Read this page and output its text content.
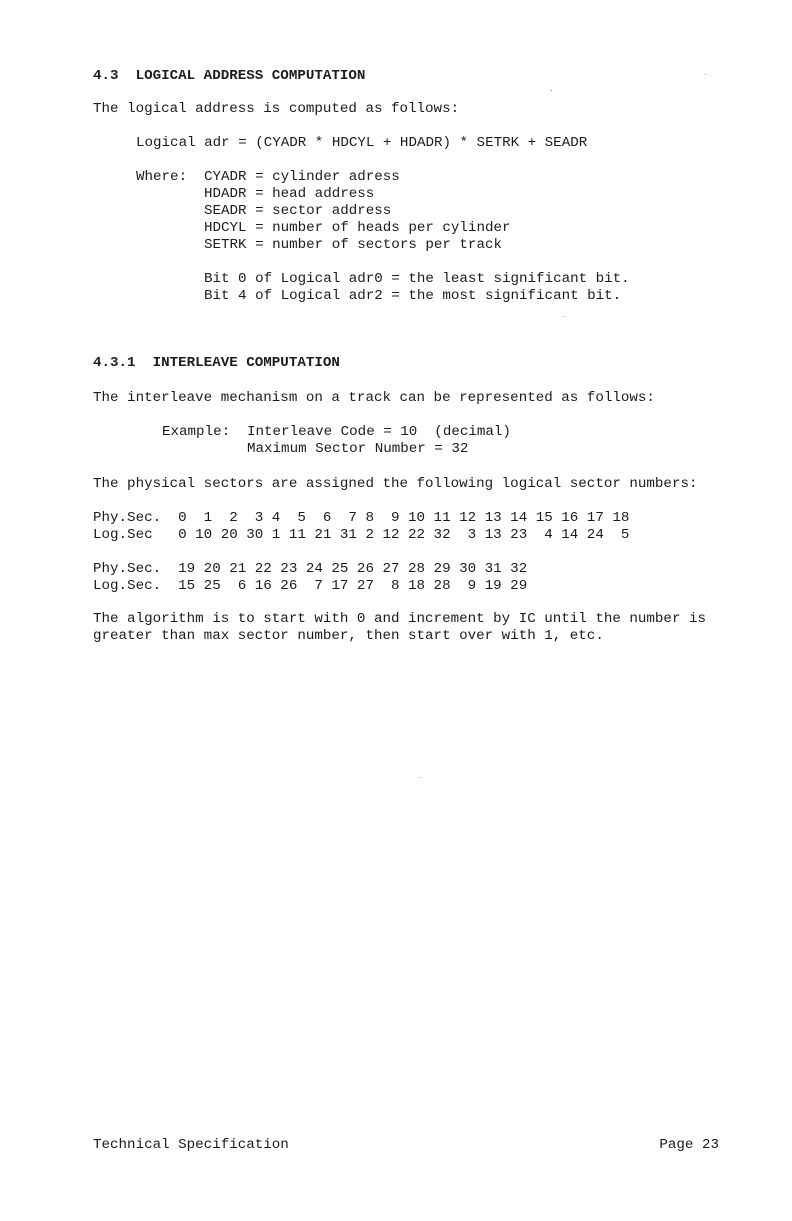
4.3  LOGICAL ADDRESS COMPUTATION
The logical address is computed as follows:
Logical adr = (CYADR * HDCYL + HDADR) * SETRK + SEADR
Where: CYADR = cylinder adress
HDADR = head address
SEADR = sector address
HDCYL = number of heads per cylinder
SETRK = number of sectors per track
Bit 0 of Logical adr0 = the least significant bit.
Bit 4 of Logical adr2 = the most significant bit.
4.3.1  INTERLEAVE COMPUTATION
The interleave mechanism on a track can be represented as follows:
Example: Interleave Code = 10  (decimal)
Maximum Sector Number = 32
The physical sectors are assigned the following logical sector numbers:
Phy.Sec.  0  1  2  3 4  5  6  7 8  9 10 11 12 13 14 15 16 17 18
Log.Sec   0 10 20 30 1 11 21 31 2 12 22 32  3 13 23  4 14 24  5
Phy.Sec.  19 20 21 22 23 24 25 26 27 28 29 30 31 32
Log.Sec.  15 25  6 16 26  7 17 27  8 18 28  9 19 29
The algorithm is to start with 0 and increment by IC until the number is
greater than max sector number, then start over with 1, etc.
Technical Specification	Page 23
